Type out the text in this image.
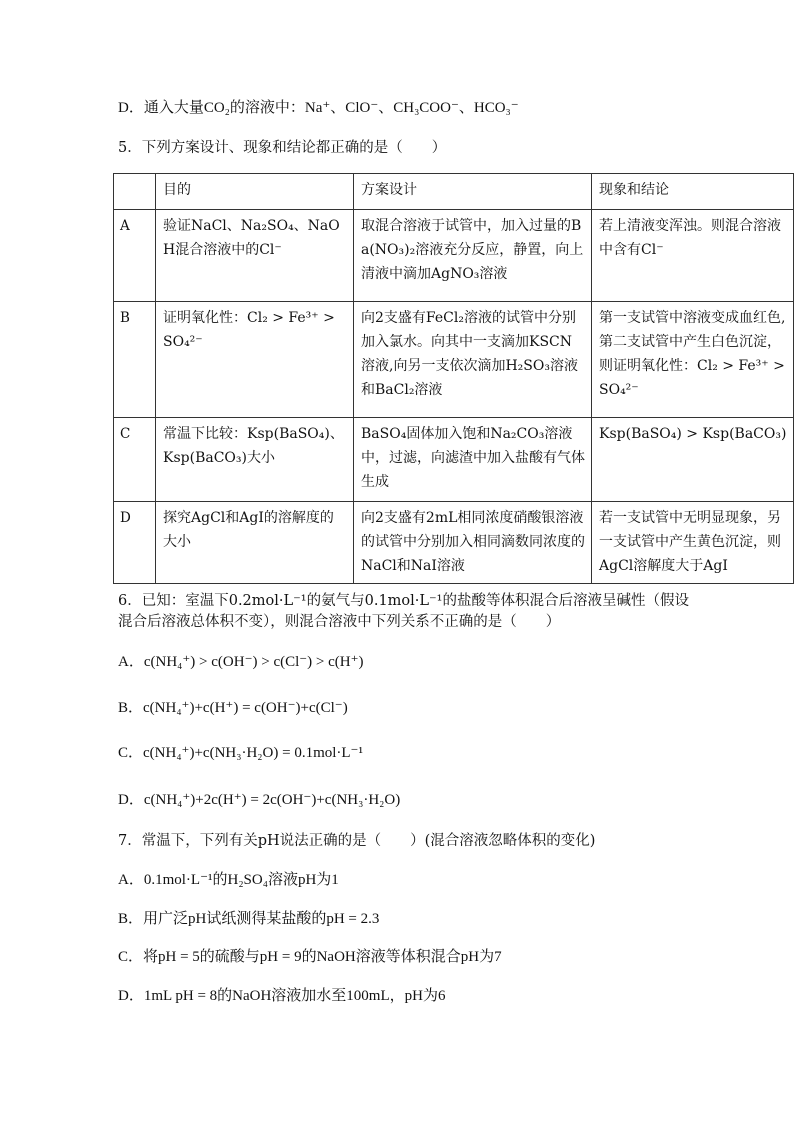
D．通入大量CO₂的溶液中：Na⁺、ClO⁻、CH₃COO⁻、HCO₃⁻
5．下列方案设计、现象和结论都正确的是（　　）
	目的	方案设计	现象和结论
A	验证NaCl、Na₂SO₄、NaOH混合溶液中的Cl⁻	取混合溶液于试管中，加入过量的Ba(NO₃)₂溶液充分反应，静置，向上清液中滴加AgNO₃溶液	若上清液变浑浊。则混合溶液中含有Cl⁻
B	证明氧化性：Cl₂ > Fe³⁺ > SO₄²⁻	向2支盛有FeCl₂溶液的试管中分别加入氯水。向其中一支滴加KSCN溶液,向另一支依次滴加H₂SO₃溶液和BaCl₂溶液	第一支试管中溶液变成血红色,第二支试管中产生白色沉淀，则证明氧化性：Cl₂ > Fe³⁺ > SO₄²⁻
C	常温下比较：Ksp(BaSO₄)、Ksp(BaCO₃)大小	BaSO₄固体加入饱和Na₂CO₃溶液中，过滤，向滤渣中加入盐酸有气体生成	Ksp(BaSO₄) > Ksp(BaCO₃)
D	探究AgCl和AgI的溶解度的大小	向2支盛有2mL相同浓度硝酸银溶液的试管中分别加入相同滴数同浓度的NaCl和NaI溶液	若一支试管中无明显现象，另一支试管中产生黄色沉淀，则AgCl溶解度大于AgI
6．已知：室温下0.2mol·L⁻¹的氨气与0.1mol·L⁻¹的盐酸等体积混合后溶液呈碱性（假设
混合后溶液总体积不变），则混合溶液中下列关系不正确的是（　　）
A．c(NH₄⁺) > c(OH⁻) > c(Cl⁻) > c(H⁺)
B．c(NH₄⁺)+c(H⁺) = c(OH⁻)+c(Cl⁻)
C．c(NH₄⁺)+c(NH₃·H₂O) = 0.1mol·L⁻¹
D．c(NH₄⁺)+2c(H⁺) = 2c(OH⁻)+c(NH₃·H₂O)
7．常温下，下列有关pH说法正确的是（　　）(混合溶液忽略体积的变化)
A．0.1mol·L⁻¹的H₂SO₄溶液pH为1
B．用广泛pH试纸测得某盐酸的pH = 2.3
C．将pH = 5的硫酸与pH = 9的NaOH溶液等体积混合pH为7
D．1mL pH = 8的NaOH溶液加水至100mL，pH为6
